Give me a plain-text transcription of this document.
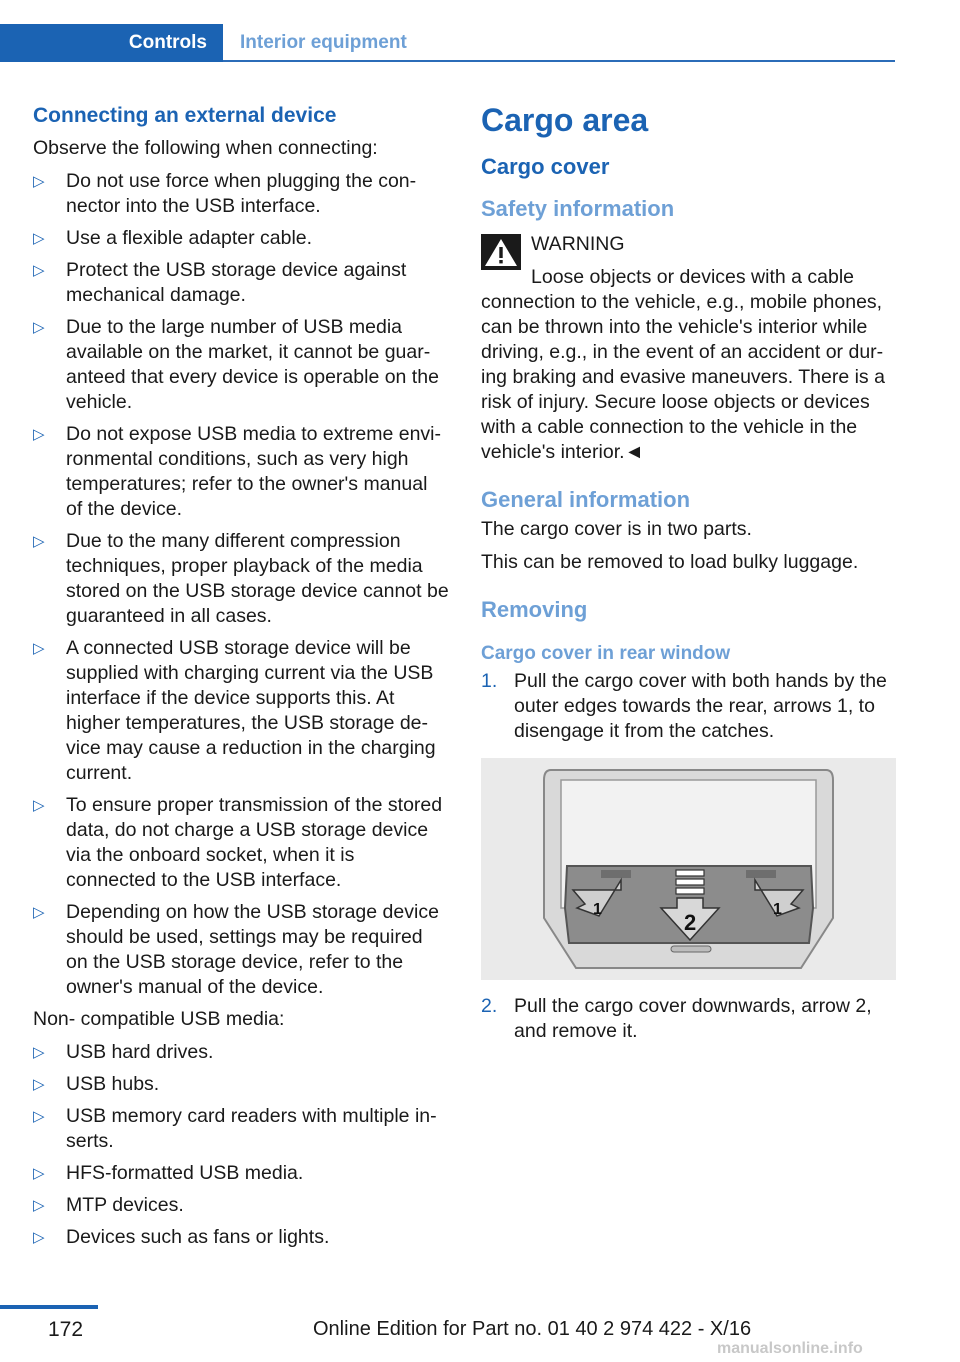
Controls Interior equipment
Connecting an external device

Observe the following when connecting:

▷ Do not use force when plugging the connector into the USB interface.
▷ Use a flexible adapter cable.
▷ Protect the USB storage device against mechanical damage.
▷ Due to the large number of USB media available on the market, it cannot be guaranteed that every device is operable on the vehicle.
▷ Do not expose USB media to extreme environmental conditions, such as very high temperatures; refer to the owner's manual of the device.
▷ Due to the many different compression techniques, proper playback of the media stored on the USB storage device cannot be guaranteed in all cases.
▷ A connected USB storage device will be supplied with charging current via the USB interface if the device supports this. At higher temperatures, the USB storage device may cause a reduction in the charging current.
▷ To ensure proper transmission of the stored data, do not charge a USB storage device via the onboard socket, when it is connected to the USB interface.
▷ Depending on how the USB storage device should be used, settings may be required on the USB storage device, refer to the owner's manual of the device.

Non- compatible USB media:

▷ USB hard drives.
▷ USB hubs.
▷ USB memory card readers with multiple inserts.
▷ HFS-formatted USB media.
▷ MTP devices.
▷ Devices such as fans or lights.
Cargo area
Cargo cover
Safety information
WARNING
Loose objects or devices with a cable connection to the vehicle, e.g., mobile phones, can be thrown into the vehicle's interior while driving, e.g., in the event of an accident or during braking and evasive maneuvers. There is a risk of injury. Secure loose objects or devices with a cable connection to the vehicle in the vehicle's interior.◄
General information

The cargo cover is in two parts.

This can be removed to load bulky luggage.

Removing
Cargo cover in rear window
1. Pull the cargo cover with both hands by the outer edges towards the rear, arrows 1, to disengage it from the catches.
1
2
1
2. Pull the cargo cover downwards, arrow 2, and remove it.
172	Online Edition for Part no. 01 40 2 974 422 - X/16
manualsonline.info
